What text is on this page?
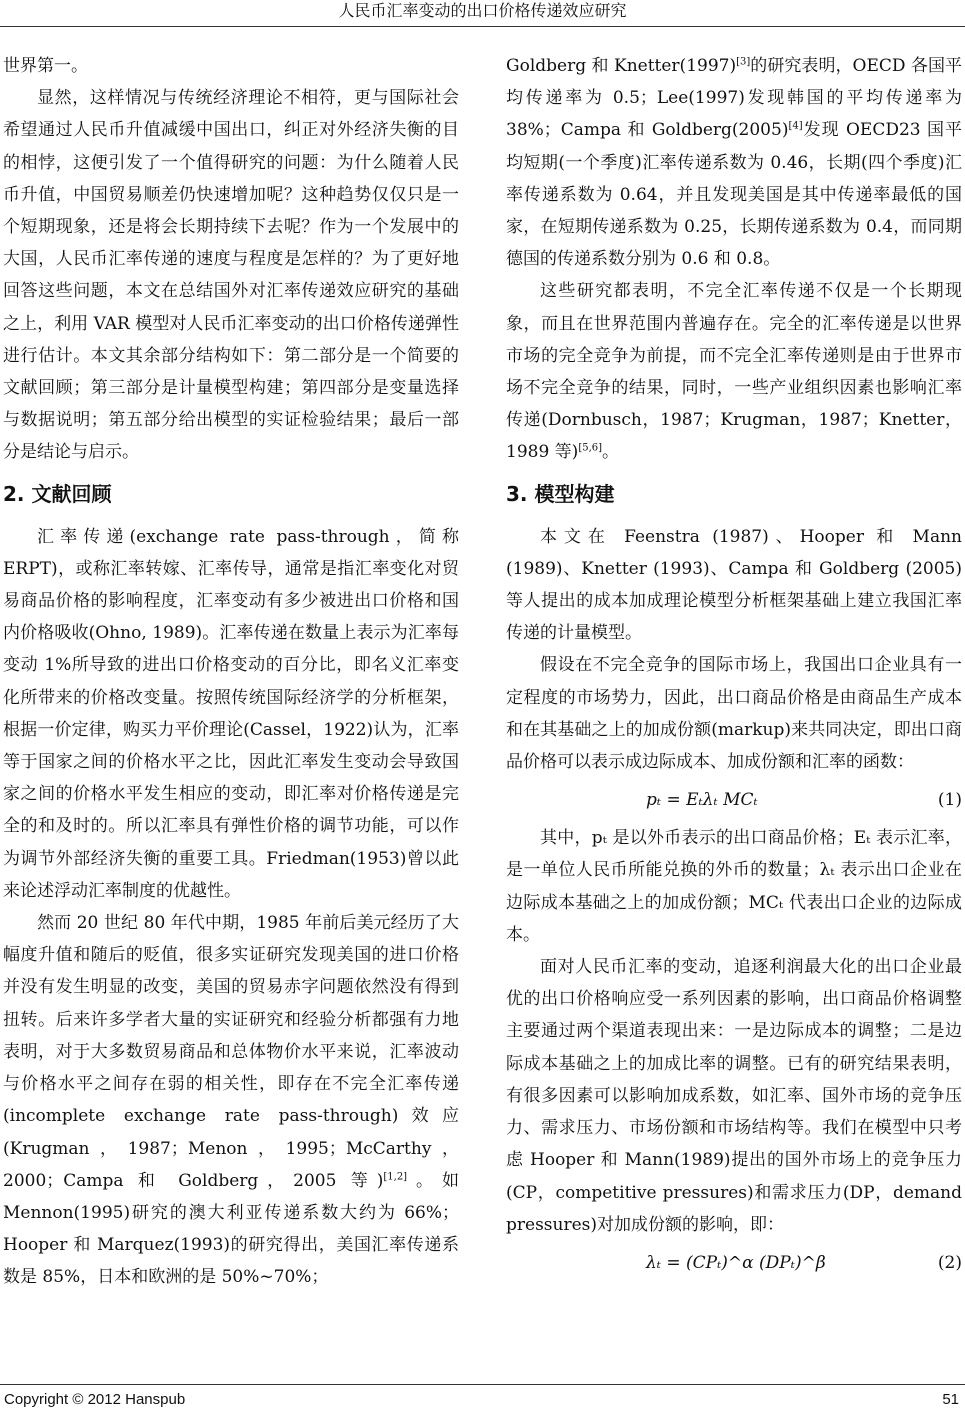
人民币汇率变动的出口价格传递效应研究

世界第一。

显然，这样情况与传统经济理论不相符，更与国际社会希望通过人民币升值减缓中国出口，纠正对外经济失衡的目的相悖，这便引发了一个值得研究的问题：为什么随着人民币升值，中国贸易顺差仍快速增加呢？这种趋势仅仅只是一个短期现象，还是将会长期持续下去呢？作为一个发展中的大国，人民币汇率传递的速度与程度是怎样的？为了更好地回答这些问题，本文在总结国外对汇率传递效应研究的基础之上，利用 VAR 模型对人民币汇率变动的出口价格传递弹性进行估计。本文其余部分结构如下：第二部分是一个简要的文献回顾；第三部分是计量模型构建；第四部分是变量选择与数据说明；第五部分给出模型的实证检验结果；最后一部分是结论与启示。

2. 文献回顾

汇率传递(exchange rate pass-through，简称 ERPT)，或称汇率转嫁、汇率传导，通常是指汇率变化对贸易商品价格的影响程度，汇率变动有多少被进出口价格和国内价格吸收(Ohno, 1989)。汇率传递在数量上表示为汇率每变动 1%所导致的进出口价格变动的百分比，即名义汇率变化所带来的价格改变量。按照传统国际经济学的分析框架，根据一价定律，购买力平价理论(Cassel，1922)认为，汇率等于国家之间的价格水平之比，因此汇率发生变动会导致国家之间的价格水平发生相应的变动，即汇率对价格传递是完全的和及时的。所以汇率具有弹性价格的调节功能，可以作为调节外部经济失衡的重要工具。Friedman(1953)曾以此来论述浮动汇率制度的优越性。

然而 20 世纪 80 年代中期，1985 年前后美元经历了大幅度升值和随后的贬值，很多实证研究发现美国的进口价格并没有发生明显的改变，美国的贸易赤字问题依然没有得到扭转。后来许多学者大量的实证研究和经验分析都强有力地表明，对于大多数贸易商品和总体物价水平来说，汇率波动与价格水平之间存在弱的相关性，即存在不完全汇率传递(incomplete exchange rate pass-through)效应(Krugman，1987；Menon，1995；McCarthy，2000；Campa 和 Goldberg，2005 等)[1,2]。如 Mennon(1995)研究的澳大利亚传递系数大约为 66%；Hooper 和 Marquez(1993)的研究得出，美国汇率传递系数是 85%，日本和欧洲的是 50%~70%；

Goldberg 和 Knetter(1997)[3]的研究表明，OECD 各国平均传递率为 0.5；Lee(1997)发现韩国的平均传递率为 38%；Campa 和 Goldberg(2005)[4]发现 OECD23 国平均短期(一个季度)汇率传递系数为 0.46，长期(四个季度)汇率传递系数为 0.64，并且发现美国是其中传递率最低的国家，在短期传递系数为 0.25，长期传递系数为 0.4，而同期德国的传递系数分别为 0.6 和 0.8。

这些研究都表明，不完全汇率传递不仅是一个长期现象，而且在世界范围内普遍存在。完全的汇率传递是以世界市场的完全竞争为前提，而不完全汇率传递则是由于世界市场不完全竞争的结果，同时，一些产业组织因素也影响汇率传递(Dornbusch，1987；Krugman，1987；Knetter，1989 等)[5,6]。

3. 模型构建

本文在 Feenstra (1987)、Hooper 和 Mann (1989)、Knetter (1993)、Campa 和 Goldberg (2005)等人提出的成本加成理论模型分析框架基础上建立我国汇率传递的计量模型。

假设在不完全竞争的国际市场上，我国出口企业具有一定程度的市场势力，因此，出口商品价格是由商品生产成本和在其基础之上的加成份额(markup)来共同决定，即出口商品价格可以表示成边际成本、加成份额和汇率的函数：

pₜ = Eₜλₜ MCₜ	(1)

其中，pₜ 是以外币表示的出口商品价格；Eₜ 表示汇率，是一单位人民币所能兑换的外币的数量；λₜ 表示出口企业在边际成本基础之上的加成份额；MCₜ 代表出口企业的边际成本。

面对人民币汇率的变动，追逐利润最大化的出口企业最优的出口价格响应受一系列因素的影响，出口商品价格调整主要通过两个渠道表现出来：一是边际成本的调整；二是边际成本基础之上的加成比率的调整。已有的研究结果表明，有很多因素可以影响加成系数，如汇率、国外市场的竞争压力、需求压力、市场份额和市场结构等。我们在模型中只考虑 Hooper 和 Mann(1989)提出的国外市场上的竞争压力(CP，competitive pressures)和需求压力(DP，demand pressures)对加成份额的影响，即：

λₜ = (CPₜ)^α (DPₜ)^β	(2)
Copyright © 2012 Hanspub	51
